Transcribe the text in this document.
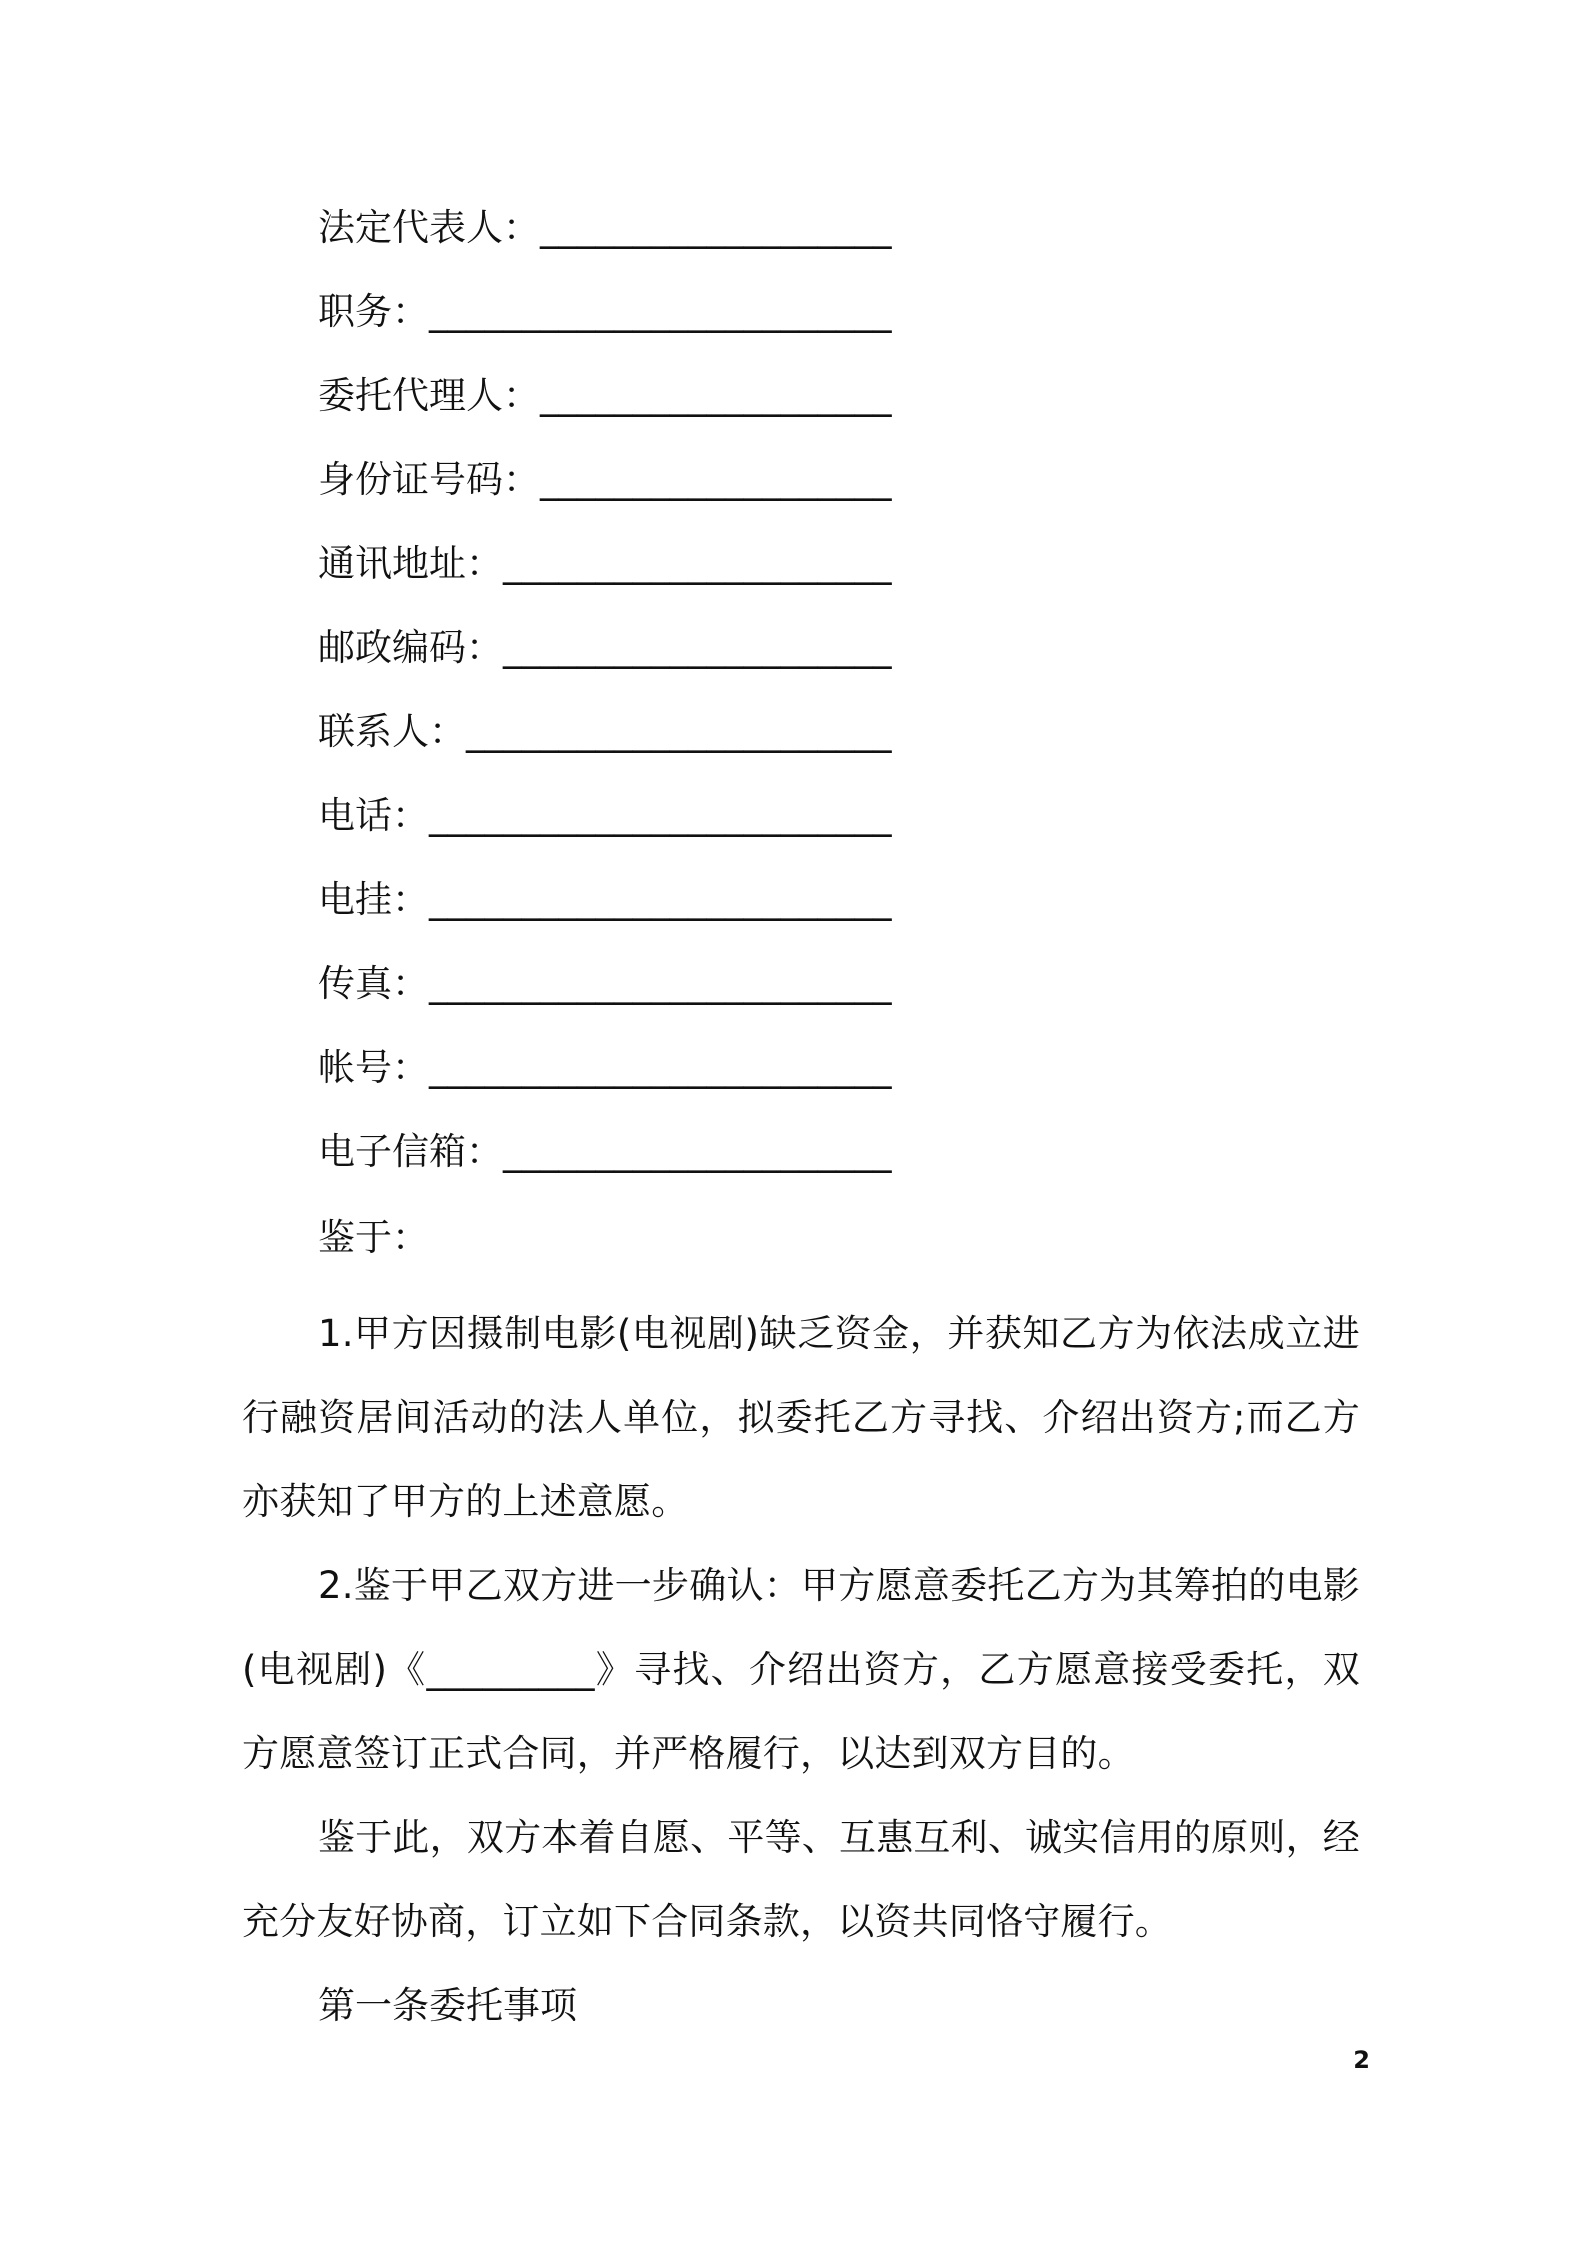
法定代表人：___________________
职务：_________________________
委托代理人：___________________
身份证号码：___________________
通讯地址：_____________________
邮政编码：_____________________
联系人：_______________________
电话：_________________________
电挂：_________________________
传真：_________________________
帐号：_________________________
电子信箱：_____________________
鉴于：

1.甲方因摄制电影(电视剧)缺乏资金，并获知乙方为依法成立进行融资居间活动的法人单位，拟委托乙方寻找、介绍出资方;而乙方亦获知了甲方的上述意愿。

2.鉴于甲乙双方进一步确认：甲方愿意委托乙方为其筹拍的电影(电视剧)《_________》寻找、介绍出资方，乙方愿意接受委托，双方愿意签订正式合同，并严格履行，以达到双方目的。

鉴于此，双方本着自愿、平等、互惠互利、诚实信用的原则，经充分友好协商，订立如下合同条款，以资共同恪守履行。

第一条委托事项
2
